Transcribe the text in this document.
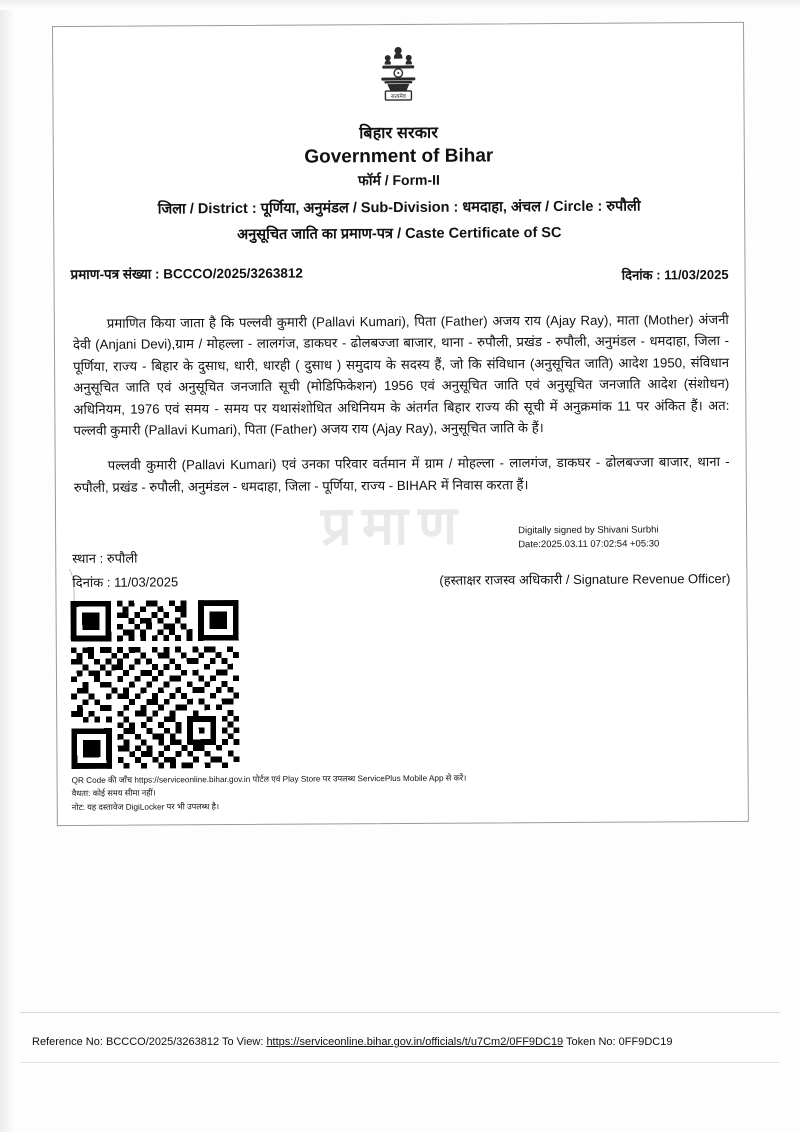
सत्यमेव
बिहार सरकार
Government of Bihar
फॉर्म / Form-II
जिला / District : पूर्णिया, अनुमंडल / Sub-Division : धमदाहा, अंचल / Circle : रुपौली
अनुसूचित जाति का प्रमाण-पत्र / Caste Certificate of SC
प्रमाण-पत्र संख्या : BCCCO/2025/3263812	दिनांक : 11/03/2025
प्रमाण

प्रमाणित किया जाता है कि पल्लवी कुमारी (Pallavi Kumari), पिता (Father) अजय राय (Ajay Ray), माता (Mother) अंजनी देवी (Anjani Devi),ग्राम / मोहल्ला - लालगंज, डाकघर - ढोलबज्जा बाजार, थाना - रुपौली, प्रखंड - रुपौली, अनुमंडल - धमदाहा, जिला - पूर्णिया, राज्य - बिहार के दुसाध, धारी, धारही ( दुसाध ) समुदाय के सदस्य हैं, जो कि संविधान (अनुसूचित जाति) आदेश 1950, संविधान अनुसूचित जाति एवं अनुसूचित जनजाति सूची (मोडिफिकेशन) 1956 एवं अनुसूचित जाति एवं अनुसूचित जनजाति आदेश (संशोधन) अधिनियम, 1976 एवं समय - समय पर यथासंशोधित अधिनियम के अंतर्गत बिहार राज्य की सूची में अनुक्रमांक 11 पर अंकित हैं। अत: पल्लवी कुमारी (Pallavi Kumari), पिता (Father) अजय राय (Ajay Ray), अनुसूचित जाति के हैं।

पल्लवी कुमारी (Pallavi Kumari) एवं उनका परिवार वर्तमान में ग्राम / मोहल्ला - लालगंज, डाकघर - ढोलबज्जा बाजार, थाना - रुपौली, प्रखंड - रुपौली, अनुमंडल - धमदाहा, जिला - पूर्णिया, राज्य - BIHAR में निवास करता हैं।

Digitally signed by Shivani Surbhi
Date:2025.03.11 07:02:54 +05:30
स्थान : रुपौली
दिनांक : 11/03/2025	(हस्ताक्षर राजस्व अधिकारी / Signature Revenue Officer)
QR Code की जाँच https://serviceonline.bihar.gov.in पोर्टल एवं Play Store पर उपलब्ध ServicePlus Mobile App से करें।
वैधता: कोई समय सीमा नहीं।
नोट: यह दस्तावेज DigiLocker पर भी उपलब्ध है।
Reference No: BCCCO/2025/3263812 To View: https://serviceonline.bihar.gov.in/officials/t/u7Cm2/0FF9DC19 Token No: 0FF9DC19
